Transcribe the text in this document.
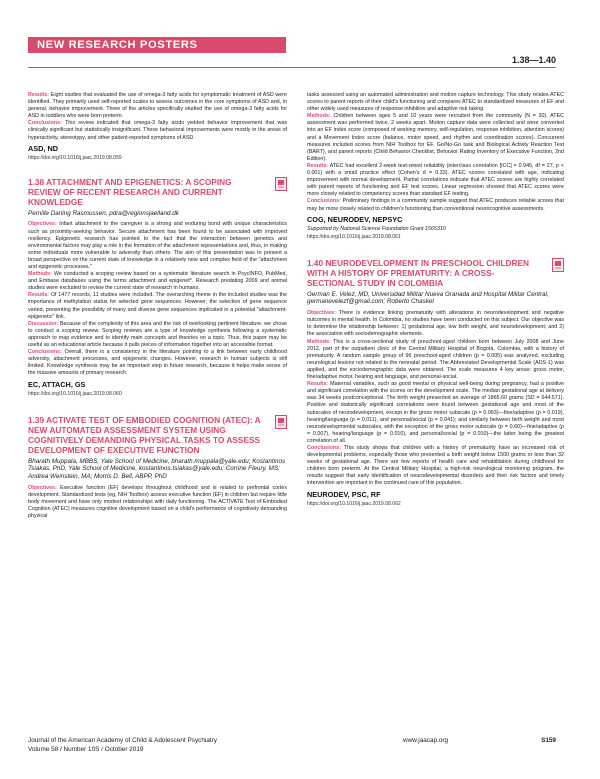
NEW RESEARCH POSTERS
1.38—1.40

Results: Eight studies that evaluated the use of omega-3 fatty acids for symptomatic treatment of ASD were identified. They primarily used self-reported scales to assess outcomes in the core symptoms of ASD and, in general, behavior improvement. Three of the articles specifically studied the use of omega-3 fatty acids for ASD in toddlers who were born preterm.

Conclusions: This review indicated that omega-3 fatty acids yielded behavior improvement that was clinically significant but statistically insignificant. These behavioral improvements were mostly in the areas of hyperactivity, stereotypy, and other patient-reported symptoms of ASD.

ASD, ND

https://doi.org/10.1016/j.jaac.2019.08.059

1.38 ATTACHMENT AND EPIGENETICS: A SCOPING REVIEW OF RECENT RESEARCH AND CURRENT KNOWLEDGE

Pernille Darling Rasmussen, pdra@regionsjaelland.dk

Objectives: Infant attachment to the caregiver is a strong and enduring bond with unique characteristics such as proximity-seeking behavior. Secure attachment has been found to be associated with improved resiliency. Epigenetic research has pointed to the fact that the interaction between genetics and environmental factors may play a role in the formation of the attachment representations and, thus, in making some individuals more vulnerable to adversity than others. The aim of this presentation was to present a broad perspective on the current state of knowledge in a relatively new and complex field of the "attachment and epigenetic processes."

Methods: We conducted a scoping review based on a systematic literature search in PsycINFO, PubMed, and Embase databases using the terms attachment and epigenet*. Research predating 2009 and animal studies were excluded to review the current state of research in humans.

Results: Of 1477 records, 11 studies were included. The overarching theme in the included studies was the importance of methylation status for selected gene sequences. However, the selection of gene sequence varied, presenting the possibility of many and diverse gene sequences implicated in a potential "attachment-epigenetic" link.

Discussion: Because of the complexity of this area and the risk of overlooking pertinent literature, we chose to conduct a scoping review. Scoping reviews are a type of knowledge synthesis following a systematic approach to map evidence and to identify main concepts and theories on a topic. Thus, this paper may be useful as an educational article because it pulls pieces of information together into an accessible format.

Conclusions: Overall, there is a consistency in the literature pointing to a link between early childhood adversity, attachment processes, and epigenetic changes. However, research in human subjects is still limited. Knowledge synthesis may be an important step in future research, because it helps make sense of the massive amounts of primary research.

EC, ATTACH, GS

https://doi.org/10.1016/j.jaac.2019.08.060

1.39 ACTIVATE TEST OF EMBODIED COGNITION (ATEC): A NEW AUTOMATED ASSESSMENT SYSTEM USING COGNITIVELY DEMANDING PHYSICAL TASKS TO ASSESS DEVELOPMENT OF EXECUTIVE FUNCTION

Bharath Muppala, MBBS, Yale School of Medicine, bharath.muppala@yale.edu; Kostantinos Tsiakas, PhD, Yale School of Medicine, kostantinos.tsiakas@yale.edu; Corrine Fleury, MS; Andrea Weinstein, MA; Morris D. Bell, ABPP, PhD

Objectives: Executive function (EF) develops throughout childhood and is related to prefrontal cortex development. Standardized tests (eg, NIH Toolbox) assess executive function (EF) in children but require little body movement and have only modest relationships with daily functioning. The ACTIVATE Test of Embodied Cognition (ATEC) measures cognitive development based on a child's performance of cognitively demanding physical

tasks assessed using an automated administration and motion capture technology. This study relates ATEC scores to parent reports of their child's functioning and compares ATEC to standardized measures of EF and other widely used measures of response inhibition and adaptive risk taking.

Methods: Children between ages 5 and 10 years were recruited from the community (N = 30). ATEC assessment was performed twice, 2 weeks apart. Motion capture data were collected and were converted into an EF index score (composed of working memory, self-regulation, response inhibition, attention scores) and a Movement Index score (balance, motor speed, and rhythm and coordination scores). Concurrent measures included scores from NIH Toolbox for EF, Go/No-Go task and Biological Activity Reaction Test (BART), and parent reports (Child Behavior Checklist, Behavior Rating Inventory of Executive Function, 2nd Edition).

Results: ATEC had excellent 2-week test-retest reliability (interclass correlation [ICC] = 0.945, df = 27, p < 0.001) with a small practice effect (Cohen's d = 0.33). ATEC scores correlated with age, indicating improvement with normal development. Partial correlations indicate that ATEC scores are highly correlated with parent reports of functioning and EF test scores. Linear regression showed that ATEC scores were more closely related to competency scores than standard EF testing.

Conclusions: Preliminary findings in a community sample suggest that ATEC produces reliable scores that may be more closely related to children's functioning than conventional neurocognitive assessments.

COG, NEURODEV, NEPSYC

Supported by National Science Foundation Grant 1565310

https://doi.org/10.1016/j.jaac.2019.08.061

1.40 NEURODEVELOPMENT IN PRESCHOOL CHILDREN WITH A HISTORY OF PREMATURITY: A CROSS-SECTIONAL STUDY IN COLOMBIA

German E. Velez, MD, Universidad Militar Nueva Granada and Hospital Militar Central, germanevelezf@gmail.com; Roberto Chaskel

Objectives: There is evidence linking prematurity with alterations in neurodevelopment and negative outcomes in mental health. In Colombia, no studies have been conducted on this subject. Our objective was to determine the relationship between: 1) gestational age, low birth weight, and neurodevelopment; and 2) the association with sociodemographic elements.

Methods: This is a cross-sectional study of preschool-aged children born between July 2008 and June 2012, part of the outpatient clinic of the Central Military Hospital of Bogotá, Colombia, with a history of prematurity. A random sample group of 96 preschool-aged children (p = 0.005) was analyzed, excluding neurological lesions not related to the neonatal period. The Abbreviated Developmental Scale (ADS-1) was applied, and the sociodemographic data were obtained. The scale measures 4 key areas: gross motor, fine/adaptive motor, hearing and language, and personal-social.

Results: Maternal variables, such as good mental or physical well-being during pregnancy, had a positive and significant correlation with the scores on the development scale. The median gestational age at delivery was 34 weeks postconceptional. The birth weight presented an average of 1865.60 grams (SD = 544.571). Positive and statistically significant correlations were found between gestational age and most of the subscales of neurodevelopment, except in the gross motor subscale (p = 0.063)—fine/adaptive (p = 0.019), hearing/language (p = 0.011), and personal/social (p = 0.041); and similarly between birth weight and most neurodevelopmental subscales, with the exception of the gross motor subscale (p = 0.60)—fine/adaptive (p = 0.007), hearing/language (p = 0.010), and personal/social (p = 0.010)—the latter being the greatest correlation of all.

Conclusions: This study shows that children with a history of prematurity have an increased risk of developmental problems, especially those who presented a birth weight below 1500 grams or less than 32 weeks of gestational age. There are few reports of health care and rehabilitation during childhood for children born preterm. At the Central Military Hospital, a high-risk neurological monitoring program, the results suggest that early identification of neurodevelopmental disorders and their risk factors and timely intervention are important in the continued care of this population.

NEURODEV, PSC, RF

https://doi.org/10.1016/j.jaac.2019.08.062

Journal of the American Academy of Child & Adolescent Psychiatry
Volume 58 / Number 10S / October 2019
www.jaacap.org	S159
